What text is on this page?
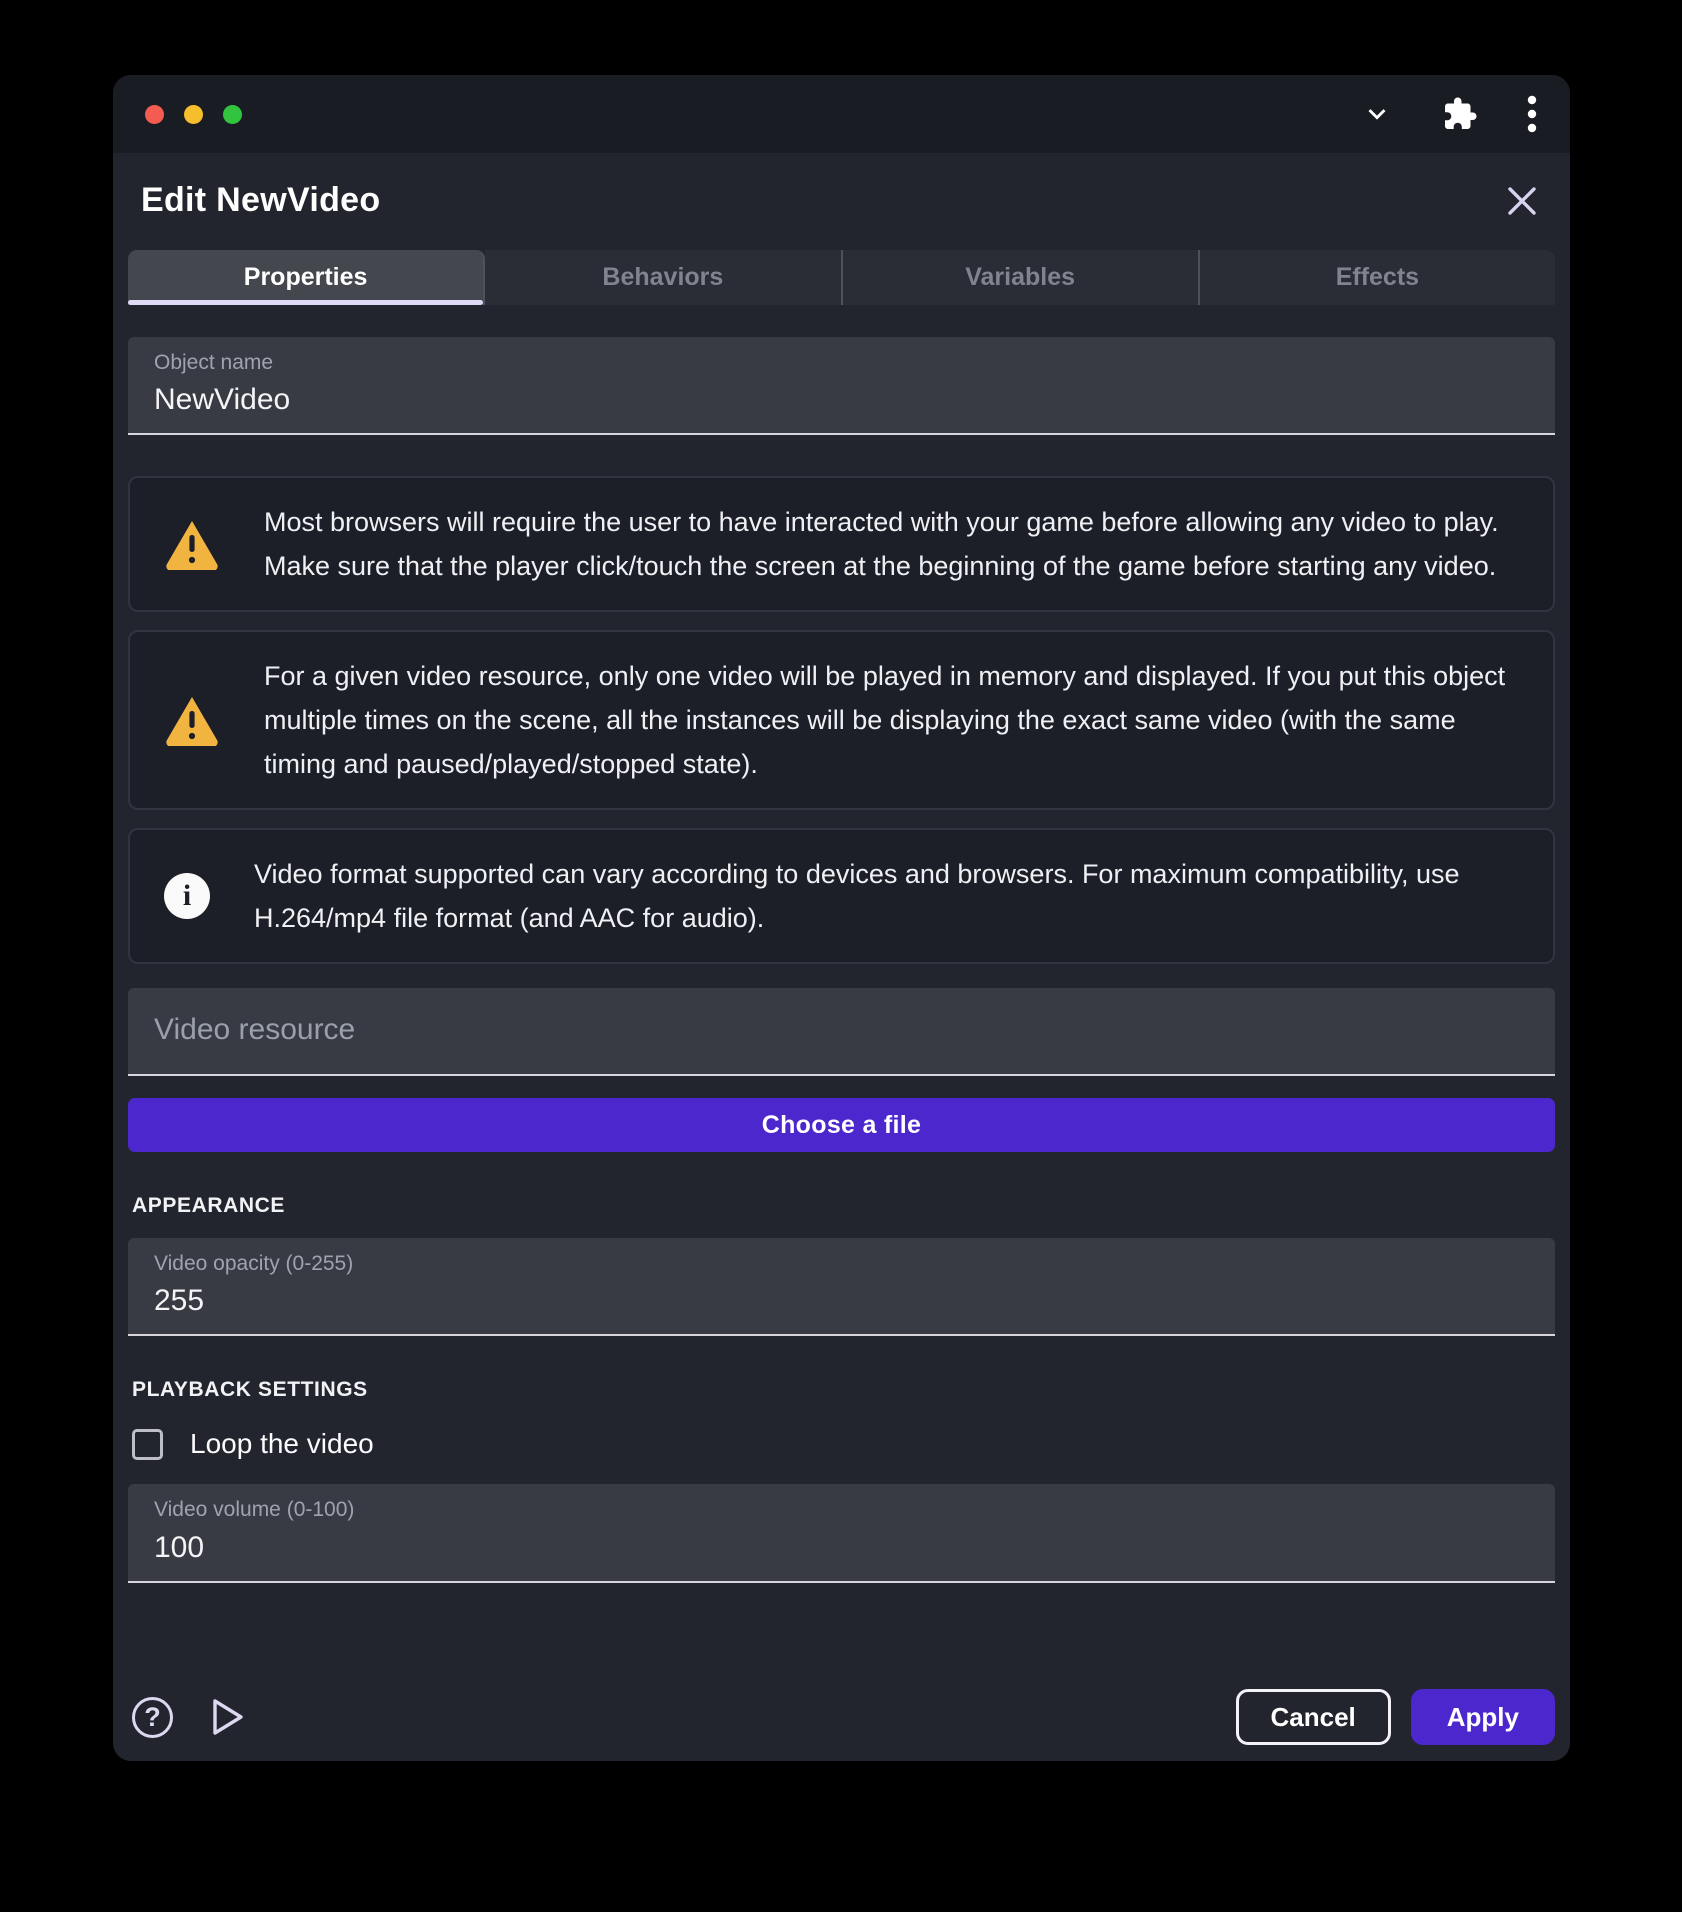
Edit NewVideo
Properties	Behaviors	Variables	Effects
Object name
NewVideo
Most browsers will require the user to have interacted with your game before allowing any video to play. Make sure that the player click/touch the screen at the beginning of the game before starting any video.
For a given video resource, only one video will be played in memory and displayed. If you put this object multiple times on the scene, all the instances will be displaying the exact same video (with the same timing and paused/played/stopped state).
i
Video format supported can vary according to devices and browsers. For maximum compatibility, use H.264/mp4 file format (and AAC for audio).
Video resource
Choose a file
APPEARANCE
Video opacity (0-255)
255
PLAYBACK SETTINGS
Loop the video
Video volume (0-100)
100
?	Cancel	Apply
